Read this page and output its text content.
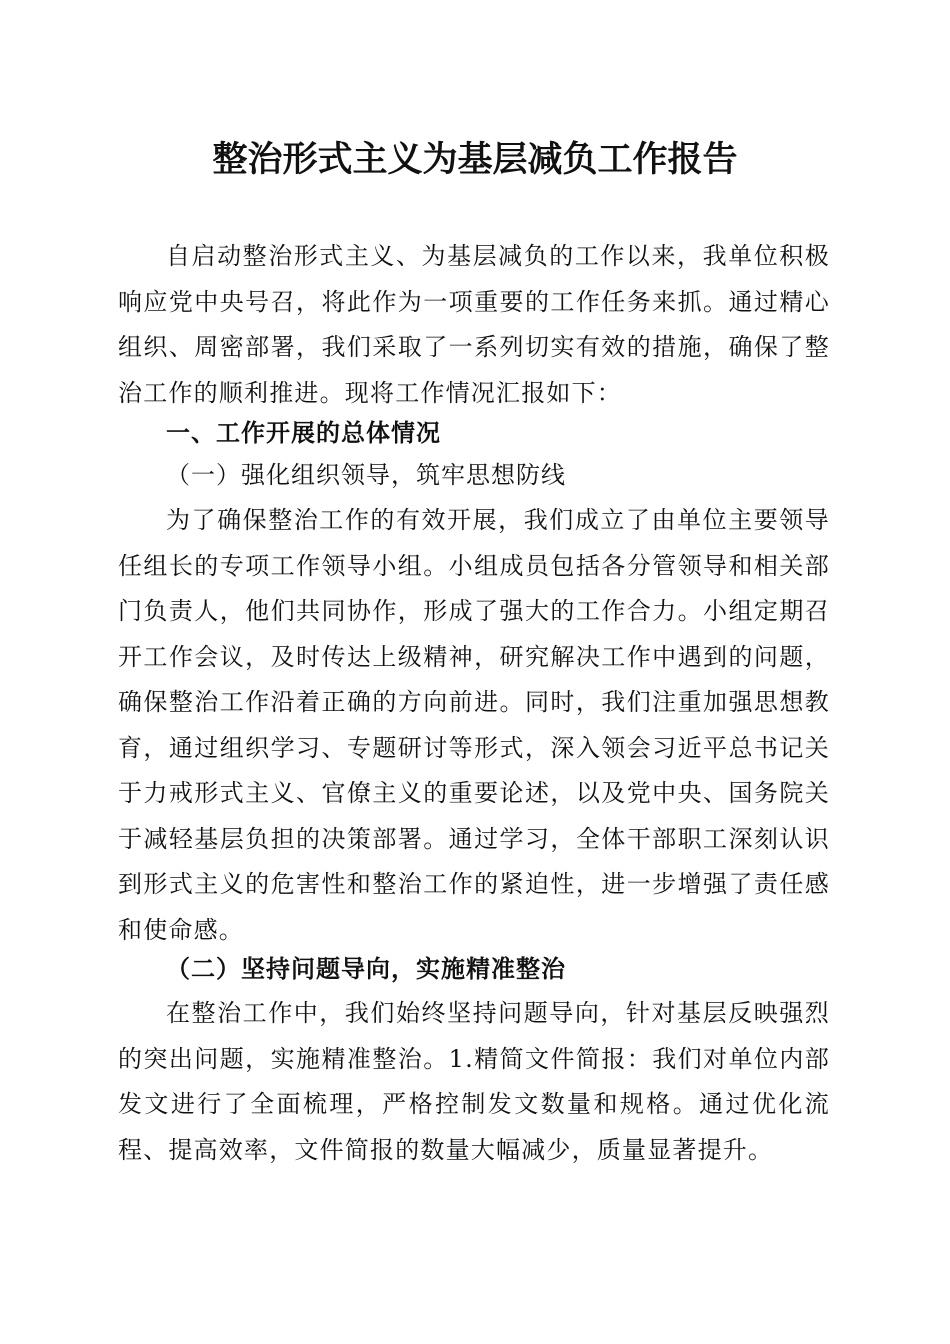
整治形式主义为基层减负工作报告

自启动整治形式主义、为基层减负的工作以来，我单位积极响应党中央号召，将此作为一项重要的工作任务来抓。通过精心组织、周密部署，我们采取了一系列切实有效的措施，确保了整治工作的顺利推进。现将工作情况汇报如下：

一、工作开展的总体情况

（一）强化组织领导，筑牢思想防线

为了确保整治工作的有效开展，我们成立了由单位主要领导任组长的专项工作领导小组。小组成员包括各分管领导和相关部门负责人，他们共同协作，形成了强大的工作合力。小组定期召开工作会议，及时传达上级精神，研究解决工作中遇到的问题，确保整治工作沿着正确的方向前进。同时，我们注重加强思想教育，通过组织学习、专题研讨等形式，深入领会习近平总书记关于力戒形式主义、官僚主义的重要论述，以及党中央、国务院关于减轻基层负担的决策部署。通过学习，全体干部职工深刻认识到形式主义的危害性和整治工作的紧迫性，进一步增强了责任感和使命感。

（二）坚持问题导向，实施精准整治

在整治工作中，我们始终坚持问题导向，针对基层反映强烈的突出问题，实施精准整治。1.精简文件简报：我们对单位内部发文进行了全面梳理，严格控制发文数量和规格。通过优化流程、提高效率，文件简报的数量大幅减少，质量显著提升。
